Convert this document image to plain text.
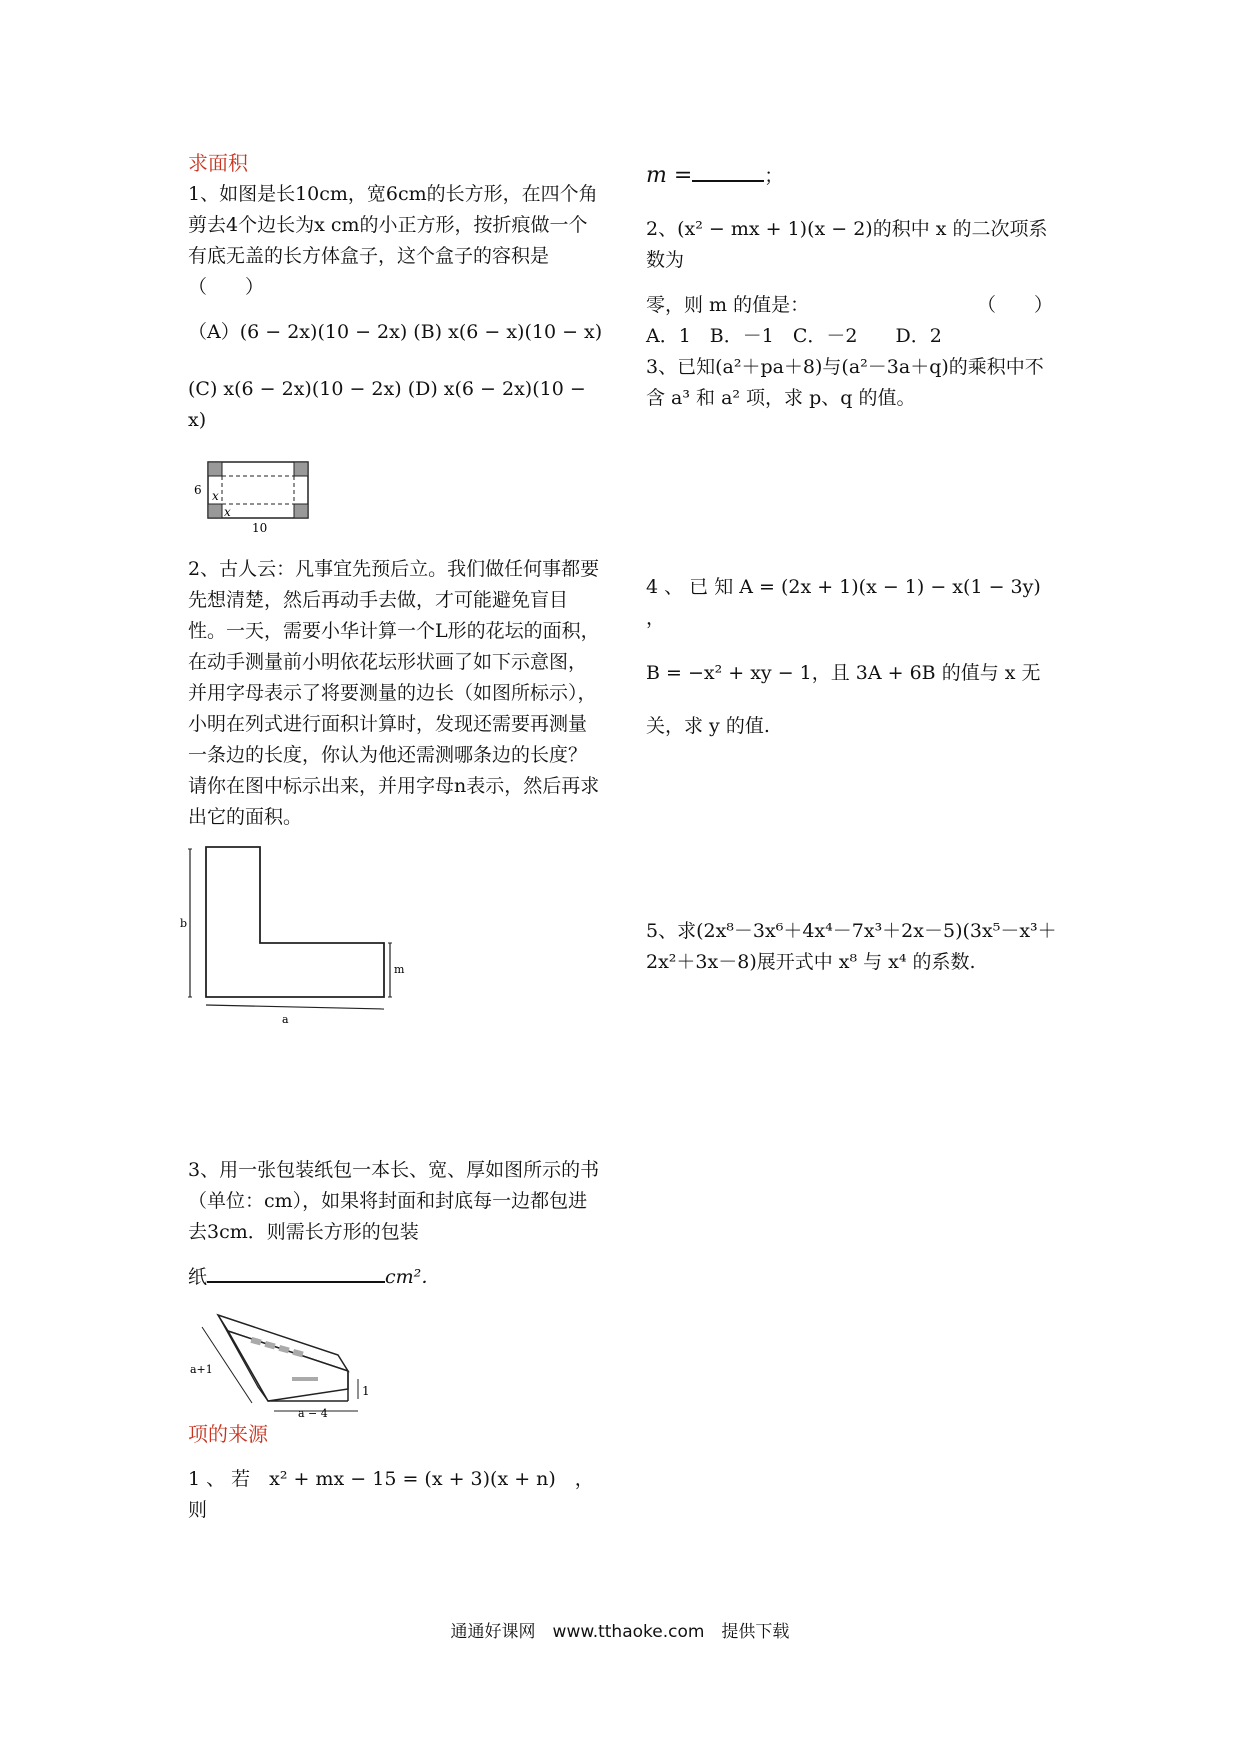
求面积

1、如图是长10cm，宽6cm的长方形，在四个角剪去4个边长为x cm的小正方形，按折痕做一个有底无盖的长方体盒子，这个盒子的容积是（　　）

（A）(6 − 2x)(10 − 2x) (B) x(6 − x)(10 − x)

(C) x(6 − 2x)(10 − 2x) (D) x(6 − 2x)(10 − x)

6 x
x
10

2、古人云：凡事宜先预后立。我们做任何事都要先想清楚，然后再动手去做，才可能避免盲目性。一天，需要小华计算一个L形的花坛的面积，在动手测量前小明依花坛形状画了如下示意图，并用字母表示了将要测量的边长（如图所标示），小明在列式进行面积计算时，发现还需要再测量一条边的长度，你认为他还需测哪条边的长度？请你在图中标示出来，并用字母n表示，然后再求出它的面积。

b
m
a

3、用一张包装纸包一本长、宽、厚如图所示的书（单位：cm），如果将封面和封底每一边都包进去3cm．则需长方形的包装

纸	cm²．

1
a+1
a − 4

项的来源

1 、 若　x² + mx − 15 = (x + 3)(x + n)　，　则

m =	；

2、(x² − mx + 1)(x − 2)的积中 x 的二次项系数为

零，则 m 的值是：	（　　）

A．1　B．－1　C．－2　　D．2

3、已知(a²＋pa＋8)与(a²－3a＋q)的乘积中不含 a³ 和 a² 项，求 p、q 的值。

4 、 已 知 A = (2x + 1)(x − 1) − x(1 − 3y) ，

B = −x² + xy − 1，且 3A + 6B 的值与 x 无

关，求 y 的值.

5、求(2x⁸－3x⁶＋4x⁴－7x³＋2x－5)(3x⁵－x³＋2x²＋3x－8)展开式中 x⁸ 与 x⁴ 的系数.

通通好课网　www.tthaoke.com　提供下载
